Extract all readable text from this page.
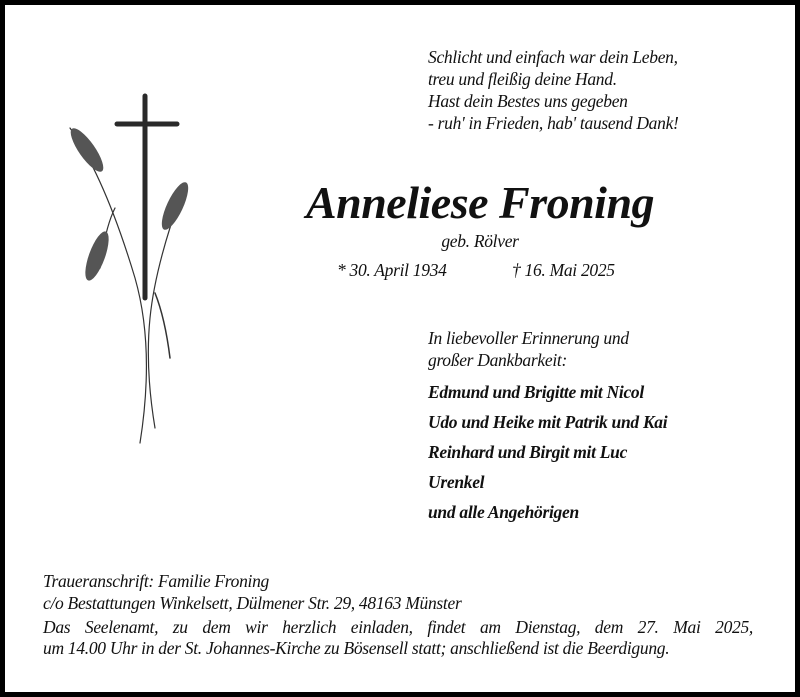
Schlicht und einfach war dein Leben,
treu und fleißig deine Hand.
Hast dein Bestes uns gegeben
- ruh' in Frieden, hab' tausend Dank!
Anneliese Froning
geb. Rölver
* 30. April 1934	† 16. Mai 2025
In liebevoller Erinnerung und
großer Dankbarkeit:
Edmund und Brigitte mit Nicol
Udo und Heike mit Patrik und Kai
Reinhard und Birgit mit Luc
Urenkel
und alle Angehörigen
Traueranschrift: Familie Froning
c/o Bestattungen Winkelsett, Dülmener Str. 29, 48163 Münster
Das Seelenamt, zu dem wir herzlich einladen, findet am Dienstag, dem 27. Mai 2025,
um 14.00 Uhr in der St. Johannes-Kirche zu Bösensell statt; anschließend ist die Beerdigung.
